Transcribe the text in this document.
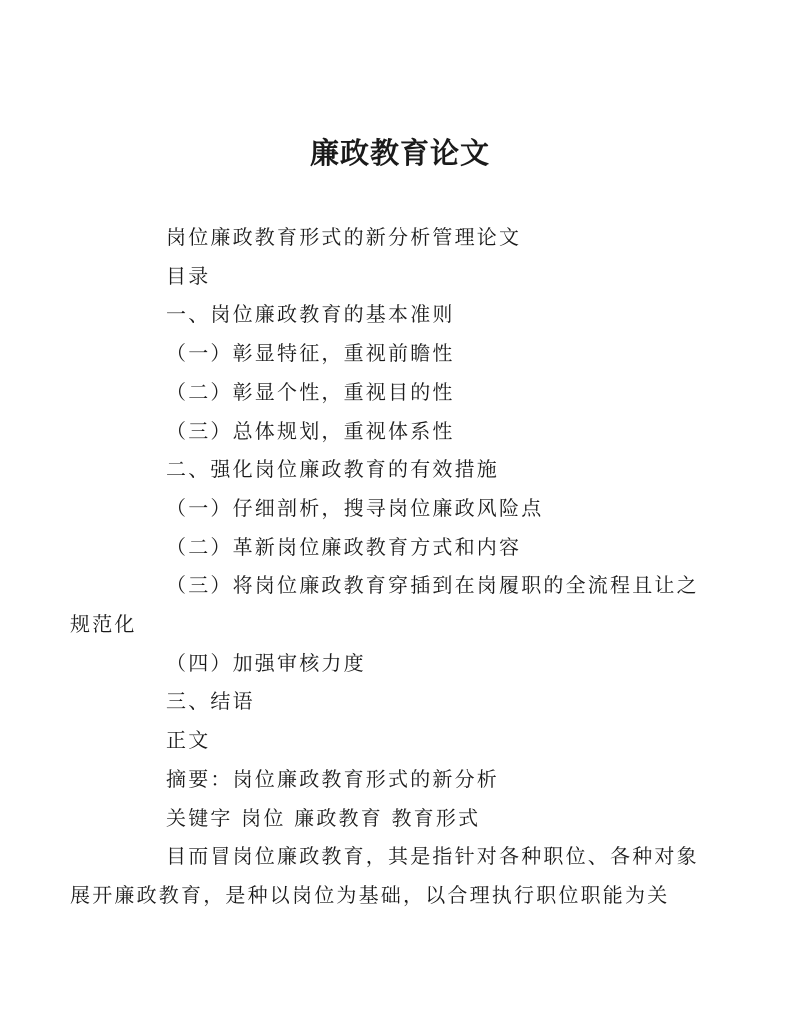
廉政教育论文

岗位廉政教育形式的新分析管理论文

目录

一、岗位廉政教育的基本准则

（一）彰显特征，重视前瞻性

（二）彰显个性，重视目的性

（三）总体规划，重视体系性

二、强化岗位廉政教育的有效措施

（一）仔细剖析，搜寻岗位廉政风险点

（二）革新岗位廉政教育方式和内容

（三）将岗位廉政教育穿插到在岗履职的全流程且让之
规范化

（四）加强审核力度

三、结语

正文

摘要：岗位廉政教育形式的新分析

关键字 岗位 廉政教育 教育形式

目而冒岗位廉政教育，其是指针对各种职位、各种对象
展开廉政教育，是种以岗位为基础，以合理执行职位职能为关
